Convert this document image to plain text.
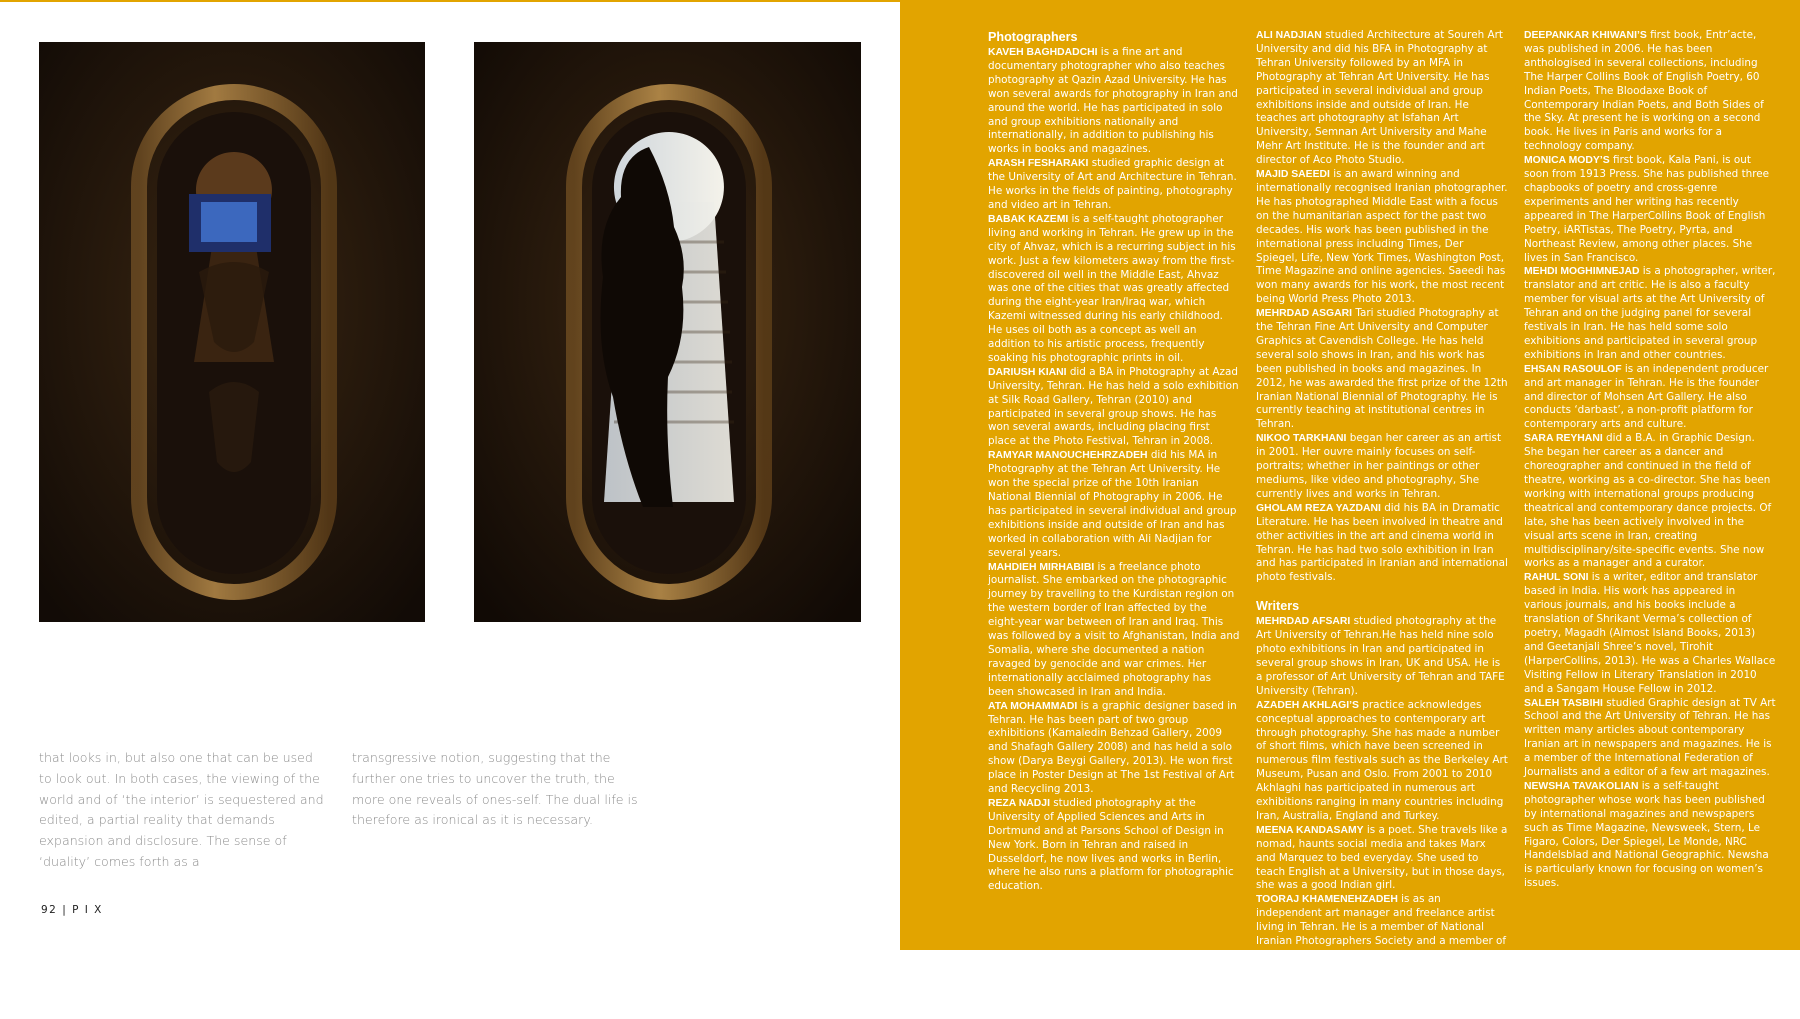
that looks in, but also one that can be used to look out. In both cases, the viewing of the world and of ‘the interior’ is sequestered and edited, a partial reality that demands expansion and disclosure. The sense of ‘duality’ comes forth as a
transgressive notion, suggesting that the further one tries to uncover the truth, the more one reveals of ones-self. The dual life is therefore as ironical as it is necessary.
92 | P I X
Photographers

KAVEH BAGHDADCHI is a fine art and documentary photographer who also teaches photography at Qazin Azad University. He has won several awards for photography in Iran and around the world. He has participated in solo and group exhibitions nationally and internationally, in addition to publishing his works in books and magazines.

ARASH FESHARAKI studied graphic design at the University of Art and Architecture in Tehran. He works in the fields of painting, photography and video art in Tehran.

BABAK KAZEMI is a self-taught photographer living and working in Tehran. He grew up in the city of Ahvaz, which is a recurring subject in his work. Just a few kilometers away from the first-discovered oil well in the Middle East, Ahvaz was one of the cities that was greatly affected during the eight-year Iran/Iraq war, which Kazemi witnessed during his early childhood. He uses oil both as a concept as well an addition to his artistic process, frequently soaking his photographic prints in oil.

DARIUSH KIANI did a BA in Photography at Azad University, Tehran. He has held a solo exhibition at Silk Road Gallery, Tehran (2010) and participated in several group shows. He has won several awards, including placing first place at the Photo Festival, Tehran in 2008.

RAMYAR MANOUCHEHRZADEH did his MA in Photography at the Tehran Art University. He won the special prize of the 10th Iranian National Biennial of Photography in 2006. He has participated in several individual and group exhibitions inside and outside of Iran and has worked in collaboration with Ali Nadjian for several years.

MAHDIEH MIRHABIBI is a freelance photo journalist. She embarked on the photographic journey by travelling to the Kurdistan region on the western border of Iran affected by the eight-year war between of Iran and Iraq. This was followed by a visit to Afghanistan, India and Somalia, where she documented a nation ravaged by genocide and war crimes. Her internationally acclaimed photography has been showcased in Iran and India.

ATA MOHAMMADI is a graphic designer based in Tehran. He has been part of two group exhibitions (Kamaledin Behzad Gallery, 2009 and Shafagh Gallery 2008) and has held a solo show (Darya Beygi Gallery, 2013). He won first place in Poster Design at The 1st Festival of Art and Recycling 2013.

REZA NADJI studied photography at the University of Applied Sciences and Arts in Dortmund and at Parsons School of Design in New York. Born in Tehran and raised in Dusseldorf, he now lives and works in Berlin, where he also runs a platform for photographic education.

ALI NADJIAN studied Architecture at Soureh Art University and did his BFA in Photography at Tehran University followed by an MFA in Photography at Tehran Art University. He has participated in several individual and group exhibitions inside and outside of Iran. He teaches art photography at Isfahan Art University, Semnan Art University and Mahe Mehr Art Institute. He is the founder and art director of Aco Photo Studio.

MAJID SAEEDI is an award winning and internationally recognised Iranian photographer. He has photographed Middle East with a focus on the humanitarian aspect for the past two decades. His work has been published in the international press including Times, Der Spiegel, Life, New York Times, Washington Post, Time Magazine and online agencies. Saeedi has won many awards for his work, the most recent being World Press Photo 2013.

MEHRDAD ASGARI Tari studied Photography at the Tehran Fine Art University and Computer Graphics at Cavendish College. He has held several solo shows in Iran, and his work has been published in books and magazines. In 2012, he was awarded the first prize of the 12th Iranian National Biennial of Photography. He is currently teaching at institutional centres in Tehran.

NIKOO TARKHANI began her career as an artist in 2001. Her ouvre mainly focuses on self-portraits; whether in her paintings or other mediums, like video and photography, She currently lives and works in Tehran.

GHOLAM REZA YAZDANI did his BA in Dramatic Literature. He has been involved in theatre and other activities in the art and cinema world in Tehran. He has had two solo exhibition in Iran and has participated in Iranian and international photo festivals.

Writers

MEHRDAD AFSARI studied photography at the Art University of Tehran.He has held nine solo photo exhibitions in Iran and participated in several group shows in Iran, UK and USA. He is a professor of Art University of Tehran and TAFE University (Tehran).

AZADEH AKHLAGI’S practice acknowledges conceptual approaches to contemporary art through photography. She has made a number of short films, which have been screened in numerous film festivals such as the Berkeley Art Museum, Pusan and Oslo. From 2001 to 2010 Akhlaghi has participated in numerous art exhibitions ranging in many countries including Iran, Australia, England and Turkey.

MEENA KANDASAMY is a poet. She travels like a nomad, haunts social media and takes Marx and Marquez to bed everyday. She used to teach English at a University, but in those days, she was a good Indian girl.

TOORAJ KHAMENEHZADEH is as an independent art manager and freelance artist living in Tehran. He is a member of National Iranian Photographers Society and a member of Qazvin Photographers Group. Tooraj is Coordinator of Rybon Art Center which is currently one of the most active institutes in international residency and workshop programs in Iran.

DEEPANKAR KHIWANI’S first book, Entr’acte, was published in 2006. He has been anthologised in several collections, including The Harper Collins Book of English Poetry, 60 Indian Poets, The Bloodaxe Book of Contemporary Indian Poets, and Both Sides of the Sky. At present he is working on a second book. He lives in Paris and works for a technology company.

MONICA MODY’S first book, Kala Pani, is out soon from 1913 Press. She has published three chapbooks of poetry and cross-genre experiments and her writing has recently appeared in The HarperCollins Book of English Poetry, iARTistas, The Poetry, Pyrta, and Northeast Review, among other places. She lives in San Francisco.

MEHDI MOGHIMNEJAD is a photographer, writer, translator and art critic. He is also a faculty member for visual arts at the Art University of Tehran and on the judging panel for several festivals in Iran. He has held some solo exhibitions and participated in several group exhibitions in Iran and other countries.

EHSAN RASOULOF is an independent producer and art manager in Tehran. He is the founder and director of Mohsen Art Gallery. He also conducts ‘darbast’, a non-profit platform for contemporary arts and culture.

SARA REYHANI did a B.A. in Graphic Design. She began her career as a dancer and choreographer and continued in the field of theatre, working as a co-director. She has been working with international groups producing theatrical and contemporary dance projects. Of late, she has been actively involved in the visual arts scene in Iran, creating multidisciplinary/site-specific events. She now works as a manager and a curator.

RAHUL SONI is a writer, editor and translator based in India. His work has appeared in various journals, and his books include a translation of Shrikant Verma’s collection of poetry, Magadh (Almost Island Books, 2013) and Geetanjali Shree’s novel, Tirohit (HarperCollins, 2013). He was a Charles Wallace Visiting Fellow in Literary Translation in 2010 and a Sangam House Fellow in 2012.

SALEH TASBIHI studied Graphic design at TV Art School and the Art University of Tehran. He has written many articles about contemporary Iranian art in newspapers and magazines. He is a member of the International Federation of Journalists and a editor of a few art magazines.

NEWSHA TAVAKOLIAN is a self-taught photographer whose work has been published by international magazines and newspapers such as Time Magazine, Newsweek, Stern, Le Figaro, Colors, Der Spiegel, Le Monde, NRC Handelsblad and National Geographic. Newsha is particularly known for focusing on women’s issues.
